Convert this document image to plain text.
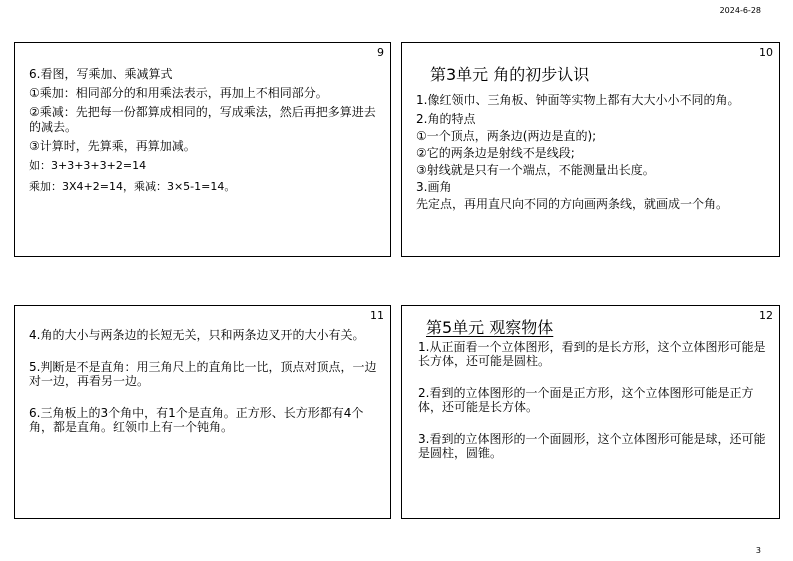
2024-6-28
9

6.看图，写乘加、乘减算式

①乘加：相同部分的和用乘法表示，再加上不相同部分。

②乘减：先把每一份都算成相同的，写成乘法，然后再把多算进去的减去。

③计算时，先算乘，再算加减。

如：3+3+3+3+2=14

乘加：3X4+2=14，乘减：3×5-1=14。

10
第3单元 角的初步认识

1.像红领巾、三角板、钟面等实物上都有大大小小不同的角。

2.角的特点

①一个顶点，两条边(两边是直的);

②它的两条边是射线不是线段;

③射线就是只有一个端点，不能测量出长度。

3.画角

先定点，再用直尺向不同的方向画两条线，就画成一个角。

11

4.角的大小与两条边的长短无关，只和两条边叉开的大小有关。

5.判断是不是直角：用三角尺上的直角比一比，顶点对顶点，一边对一边，再看另一边。

6.三角板上的3个角中，有1个是直角。正方形、长方形都有4个角，都是直角。红领巾上有一个钝角。

12
第5单元 观察物体

1.从正面看一个立体图形，看到的是长方形，这个立体图形可能是长方体，还可能是圆柱。

2.看到的立体图形的一个面是正方形，这个立体图形可能是正方体，还可能是长方体。

3.看到的立体图形的一个面圆形，这个立体图形可能是球，还可能是圆柱，圆锥。

3
